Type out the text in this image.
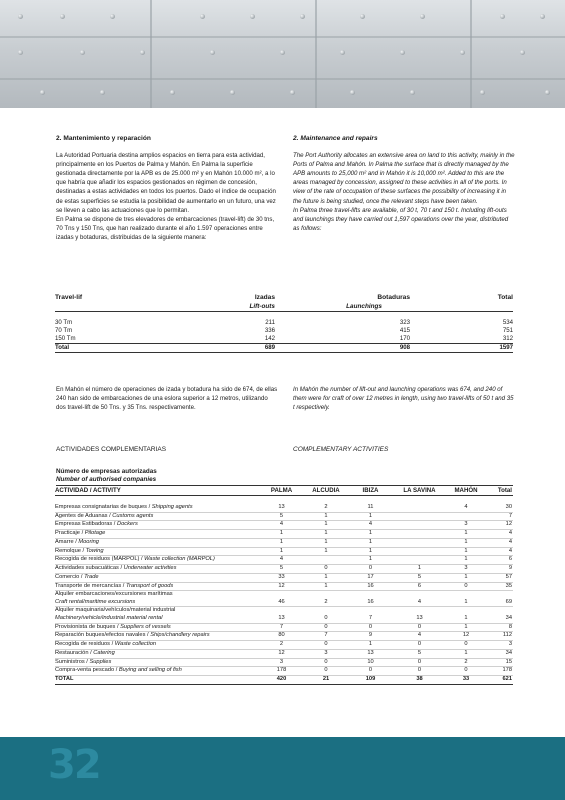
2. Mantenimiento y reparación

La Autoridad Portuaria destina amplios espacios en tierra para esta actividad, principalmente en los Puertos de Palma y Mahón. En Palma la superficie gestionada directamente por la APB es de 25.000 m² y en Mahón 10.000 m², a lo que habría que añadir los espacios gestionados en régimen de concesión, destinadas a estas actividades en todos los puertos. Dado el índice de ocupación de estas superficies se estudia la posibilidad de aumentarlo en un futuro, una vez se lleven a cabo las actuaciones que lo permitan.

En Palma se dispone de tres elevadores de embarcaciones (travel-lift) de 30 tns, 70 Tns y 150 Tns, que han realizado durante el año 1.597 operaciones entre izadas y botaduras, distribuidas de la siguiente manera:

2. Maintenance and repairs

The Port Authority allocates an extensive area on land to this activity, mainly in the Ports of Palma and Mahón. In Palma the surface that is directly managed by the APB amounts to 25,000 m² and in Mahón it is 10,000 m². Added to this are the areas managed by concession, assigned to these activities in all of the ports. In view of the rate of occupation of these surfaces the possibility of increasing it in the future is being studied, once the relevant steps have been taken.

In Palma three travel-lifts are available, of 30 t, 70 t and 150 t. Including lift-outs and launchings they have carried out 1,597 operations over the year, distributed as follows:

Travel-lif	Izadas	Botaduras	Total
	Lift-outs	Launchings	

30 Tm	211	323	534
70 Tm	336	415	751
150 Tm	142	170	312
Total	689	908	1597

En Mahón el número de operaciones de izada y botadura ha sido de 674, de ellas 240 han sido de embarcaciones de una eslora superior a 12 metros, utilizando dos travel-lift de 50 Tns. y 35 Tns. respectivamente.

In Mahón the number of lift-out and launching operations was 674, and 240 of them were for craft of over 12 metres in length, using two travel-lifts of 50 t and 35 t respectively.

ACTIVIDADES COMPLEMENTARIAS	COMPLEMENTARY ACTIVITIES

Número de empresas autorizadas
Number of authorised companies
ACTIVIDAD / ACTIVITY	PALMA	ALCUDIA	IBIZA	LA SAVINA	MAHÓN	Total

Empresas consignatarias de buques / Shipping agents	13	2	11		4	30
Agentes de Aduanas / Customs agents	5	1	1			7
Empresas Estibadoras / Dockers	4	1	4		3	12
Practicaje / Pilotage	1	1	1		1	4
Amarre / Mooring	1	1	1		1	4
Remolque / Towing	1	1	1		1	4
Recogida de residuos (MARPOL) / Waste collection (MARPOL)	4		1		1	6
Actividades subacuáticas / Underwater activities	5	0	0	1	3	9
Comercio / Trade	33	1	17	5	1	57
Transporte de mercancías / Transport of goods	12	1	16	6	0	35

Alquiler embarcaciones/excursiones marítimas
Craft rental/maritime excursions	46	2	16	4	1	69

Alquiler maquinaria/vehículos/material industrial
Machinery/vehicle/industrial material rental	13	0	7	13	1	34
Provisionista de buques / Suppliers of vessels	7	0	0	0	1	8
Reparación buques/efectos navales / Ships/chandlery repairs	80	7	9	4	12	112
Recogida de residuos / Waste collection	2	0	1	0	0	3
Restauración / Catering	12	3	13	5	1	34
Suministros / Supplies	3	0	10	0	2	15
Compra-venta pescado / Buying and selling of fish	178	0	0	0	0	178
TOTAL	420	21	109	38	33	621
32
